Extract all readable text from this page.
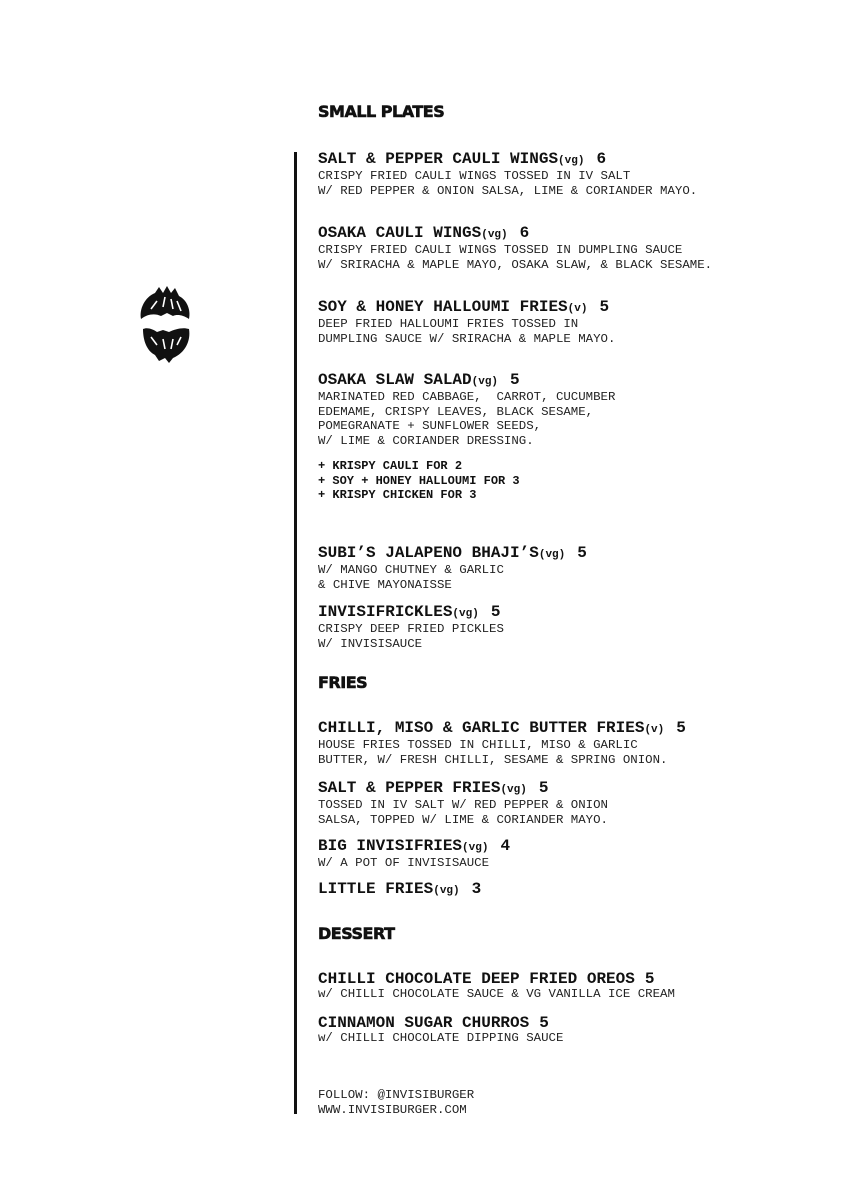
SMALL PLATES
SALT & PEPPER CAULI WINGS(vg) 6
CRISPY FRIED CAULI WINGS TOSSED IN IV SALT
W/ RED PEPPER & ONION SALSA, LIME & CORIANDER MAYO.
OSAKA CAULI WINGS(vg) 6
CRISPY FRIED CAULI WINGS TOSSED IN DUMPLING SAUCE
W/ SRIRACHA & MAPLE MAYO, OSAKA SLAW, & BLACK SESAME.
SOY & HONEY HALLOUMI FRIES(v) 5
DEEP FRIED HALLOUMI FRIES TOSSED IN
DUMPLING SAUCE W/ SRIRACHA & MAPLE MAYO.
OSAKA SLAW SALAD(vg) 5
MARINATED RED CABBAGE,  CARROT, CUCUMBER
EDEMAME, CRISPY LEAVES, BLACK SESAME,
POMEGRANATE + SUNFLOWER SEEDS,
W/ LIME & CORIANDER DRESSING.
+ KRISPY CAULI FOR 2
+ SOY + HONEY HALLOUMI FOR 3
+ KRISPY CHICKEN FOR 3
SUBI’S JALAPENO BHAJI’S(vg) 5
W/ MANGO CHUTNEY & GARLIC
& CHIVE MAYONAISSE
INVISIFRICKLES(vg) 5
CRISPY DEEP FRIED PICKLES
W/ INVISISAUCE
FRIES
CHILLI, MISO & GARLIC BUTTER FRIES(v) 5
HOUSE FRIES TOSSED IN CHILLI, MISO & GARLIC
BUTTER, W/ FRESH CHILLI, SESAME & SPRING ONION.
SALT & PEPPER FRIES(vg) 5
TOSSED IN IV SALT W/ RED PEPPER & ONION
SALSA, TOPPED W/ LIME & CORIANDER MAYO.
BIG INVISIFRIES(vg) 4
W/ A POT OF INVISISAUCE
LITTLE FRIES(vg) 3
DESSERT
CHILLI CHOCOLATE DEEP FRIED OREOS 5
w/ CHILLI CHOCOLATE SAUCE & VG VANILLA ICE CREAM
CINNAMON SUGAR CHURROS 5
w/ CHILLI CHOCOLATE DIPPING SAUCE
FOLLOW: @INVISIBURGER
WWW.INVISIBURGER.COM
